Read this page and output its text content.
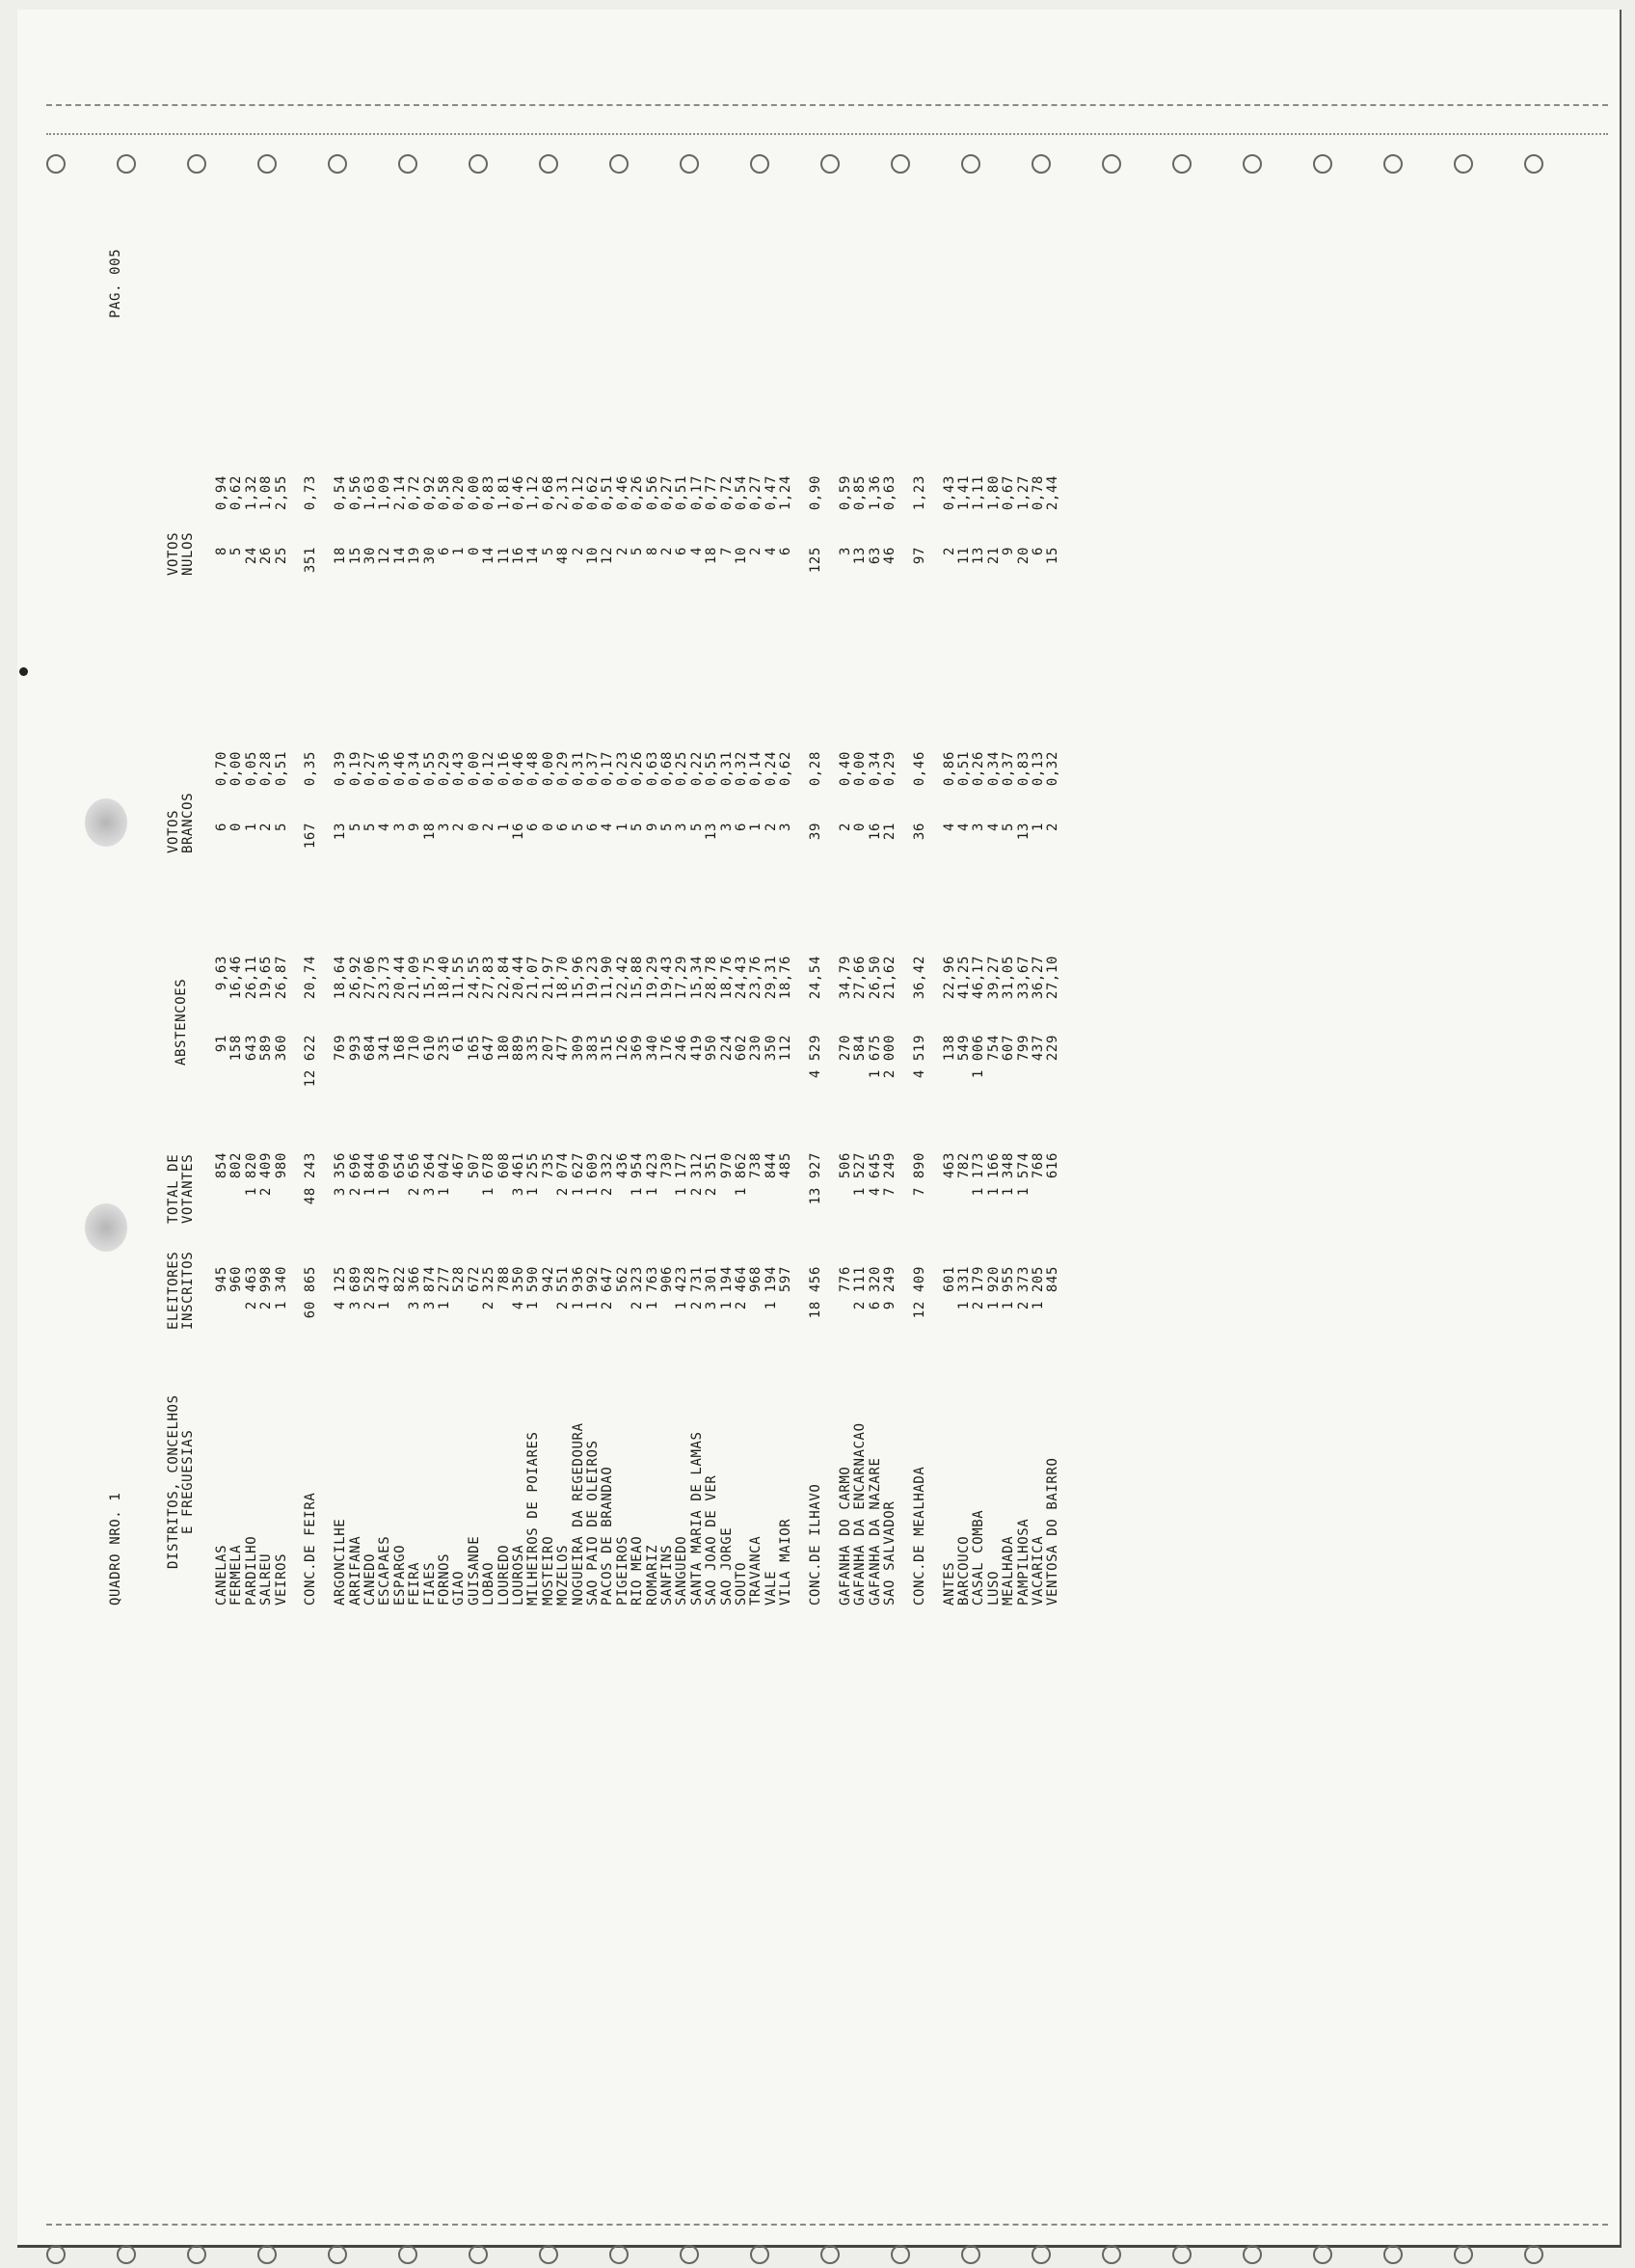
QUADRO NRO. 1
PAG. 005
DISTRITOS, CONCELHOS E FREGUESIAS
ELEITORES INSCRITOS
TOTAL DE VOTANTES
ABSTENCOES
VOTOS BRANCOS
VOTOS NULOS
CANELAS
945
854
91
9,63
6
0,70
8
0,94
FERMELA
960
802
158
16,46
0
0,00
5
0,62
PARDILHO
2 463
1 820
643
26,11
1
0,05
24
1,32
SALREU
2 998
2 409
589
19,65
2
0,28
26
1,08
VEIROS
1 340
980
360
26,87
5
0,51
25
2,55
CONC.DE FEIRA
60 865
48 243
12 622
20,74
167
0,35
351
0,73
ARGONCILHE
4 125
3 356
769
18,64
13
0,39
18
0,54
ARRIFANA
3 689
2 696
993
26,92
5
0,19
15
0,56
CANEDO
2 528
1 844
684
27,06
5
0,27
30
1,63
ESCAPAES
1 437
1 096
341
23,73
4
0,36
12
1,09
ESPARGO
822
654
168
20,44
3
0,46
14
2,14
FEIRA
3 366
2 656
710
21,09
9
0,34
19
0,72
FIAES
3 874
3 264
610
15,75
18
0,55
30
0,92
FORNOS
1 277
1 042
235
18,40
3
0,29
6
0,58
GIAO
528
467
61
11,55
2
0,43
1
0,20
GUISANDE
672
507
165
24,55
0
0,00
0
0,00
LOBAO
2 325
1 678
647
27,83
2
0,12
14
0,83
LOUREDO
788
608
180
22,84
1
0,16
11
1,81
LOUROSA
4 350
3 461
889
20,44
16
0,46
16
0,46
MILHEIROS DE POIARES
1 590
1 255
335
21,07
6
0,48
14
1,12
MOSTEIRO
942
735
207
21,97
0
0,00
5
0,68
MOZELOS
2 551
2 074
477
18,70
6
0,29
48
2,31
NOGUEIRA DA REGEDOURA
1 936
1 627
309
15,96
5
0,31
2
0,12
SAO PAIO DE OLEIROS
1 992
1 609
383
19,23
6
0,37
10
0,62
PACOS DE BRANDAO
2 647
2 332
315
11,90
4
0,17
12
0,51
PIGEIROS
562
436
126
22,42
1
0,23
2
0,46
RIO MEAO
2 323
1 954
369
15,88
5
0,26
5
0,26
ROMARIZ
1 763
1 423
340
19,29
9
0,63
8
0,56
SANFINS
906
730
176
19,43
5
0,68
2
0,27
SANGUEDO
1 423
1 177
246
17,29
3
0,25
6
0,51
SANTA MARIA DE LAMAS
2 731
2 312
419
15,34
5
0,22
4
0,17
SAO JOAO DE VER
3 301
2 351
950
28,78
13
0,55
18
0,77
SAO JORGE
1 194
970
224
18,76
3
0,31
7
0,72
SOUTO
2 464
1 862
602
24,43
6
0,32
10
0,54
TRAVANCA
968
738
230
23,76
1
0,14
2
0,27
VALE
1 194
844
350
29,31
2
0,24
4
0,47
VILA MAIOR
597
485
112
18,76
3
0,62
6
1,24
CONC.DE ILHAVO
18 456
13 927
4 529
24,54
39
0,28
125
0,90
GAFANHA DO CARMO
776
506
270
34,79
2
0,40
3
0,59
GAFANHA DA ENCARNACAO
2 111
1 527
584
27,66
0
0,00
13
0,85
GAFANHA DA NAZARE
6 320
4 645
1 675
26,50
16
0,34
63
1,36
SAO SALVADOR
9 249
7 249
2 000
21,62
21
0,29
46
0,63
CONC.DE MEALHADA
12 409
7 890
4 519
36,42
36
0,46
97
1,23
ANTES
601
463
138
22,96
4
0,86
2
0,43
BARCOUCO
1 331
782
549
41,25
4
0,51
11
1,41
CASAL COMBA
2 179
1 173
1 006
46,17
3
0,26
13
1,11
LUSO
1 920
1 166
754
39,27
4
0,34
21
1,80
MEALHADA
1 955
1 348
607
31,05
5
0,37
9
0,67
PAMPILHOSA
2 373
1 574
799
33,67
13
0,83
20
1,27
VACARICA
1 205
768
437
36,27
1
0,13
6
0,78
VENTOSA DO BAIRRO
845
616
229
27,10
2
0,32
15
2,44
